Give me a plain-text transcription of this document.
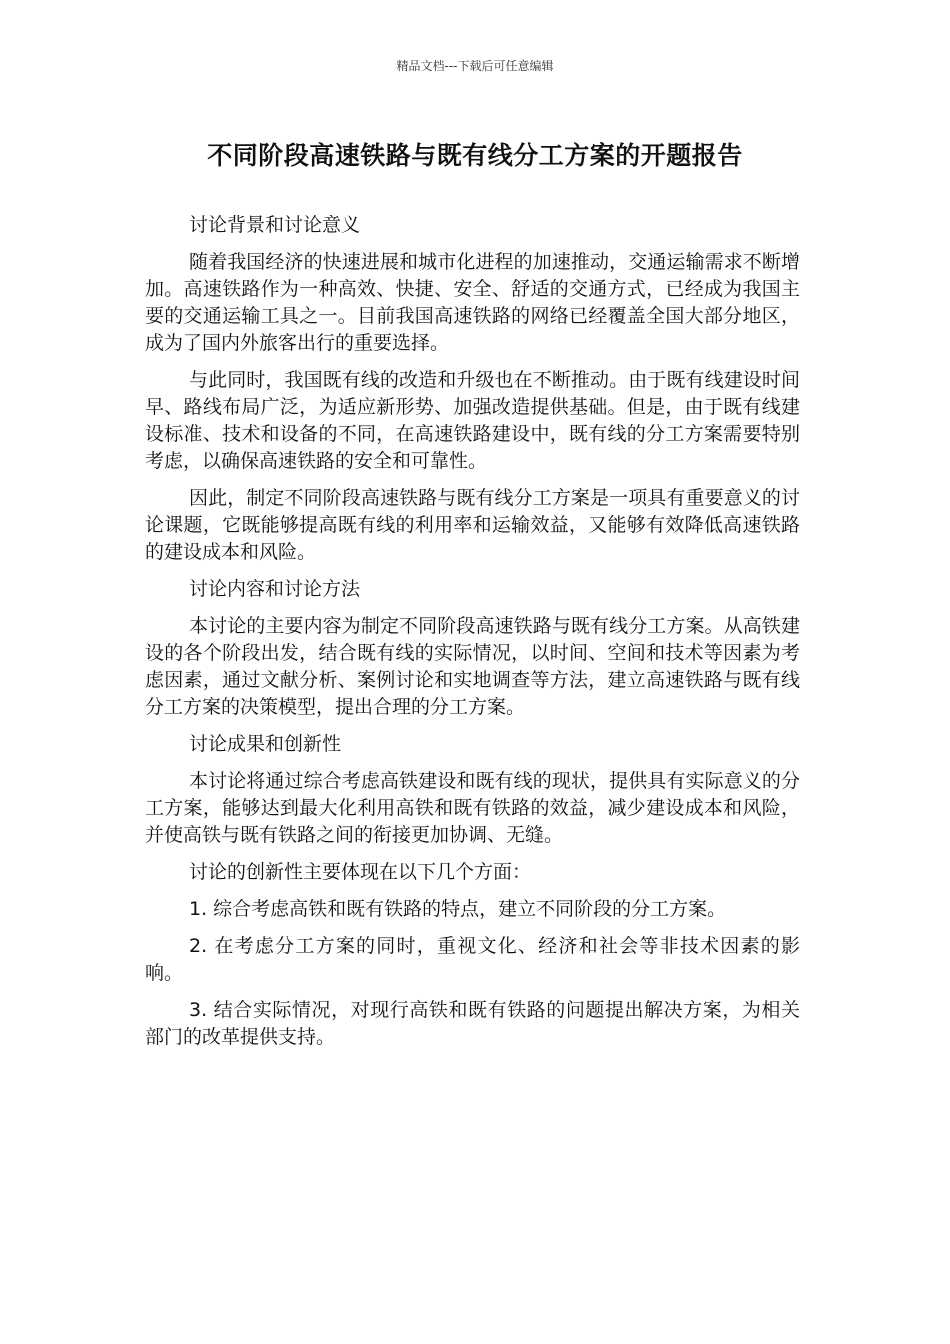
精品文档---下载后可任意编辑
不同阶段高速铁路与既有线分工方案的开题报告

讨论背景和讨论意义

随着我国经济的快速进展和城市化进程的加速推动，交通运输需求不断增加。高速铁路作为一种高效、快捷、安全、舒适的交通方式，已经成为我国主要的交通运输工具之一。目前我国高速铁路的网络已经覆盖全国大部分地区，成为了国内外旅客出行的重要选择。

与此同时，我国既有线的改造和升级也在不断推动。由于既有线建设时间早、路线布局广泛，为适应新形势、加强改造提供基础。但是，由于既有线建设标准、技术和设备的不同，在高速铁路建设中，既有线的分工方案需要特别考虑，以确保高速铁路的安全和可靠性。

因此，制定不同阶段高速铁路与既有线分工方案是一项具有重要意义的讨论课题，它既能够提高既有线的利用率和运输效益，又能够有效降低高速铁路的建设成本和风险。

讨论内容和讨论方法

本讨论的主要内容为制定不同阶段高速铁路与既有线分工方案。从高铁建设的各个阶段出发，结合既有线的实际情况，以时间、空间和技术等因素为考虑因素，通过文献分析、案例讨论和实地调查等方法，建立高速铁路与既有线分工方案的决策模型，提出合理的分工方案。

讨论成果和创新性

本讨论将通过综合考虑高铁建设和既有线的现状，提供具有实际意义的分工方案，能够达到最大化利用高铁和既有铁路的效益，减少建设成本和风险，并使高铁与既有铁路之间的衔接更加协调、无缝。

讨论的创新性主要体现在以下几个方面：

1. 综合考虑高铁和既有铁路的特点，建立不同阶段的分工方案。

2. 在考虑分工方案的同时，重视文化、经济和社会等非技术因素的影响。

3. 结合实际情况，对现行高铁和既有铁路的问题提出解决方案，为相关部门的改革提供支持。
